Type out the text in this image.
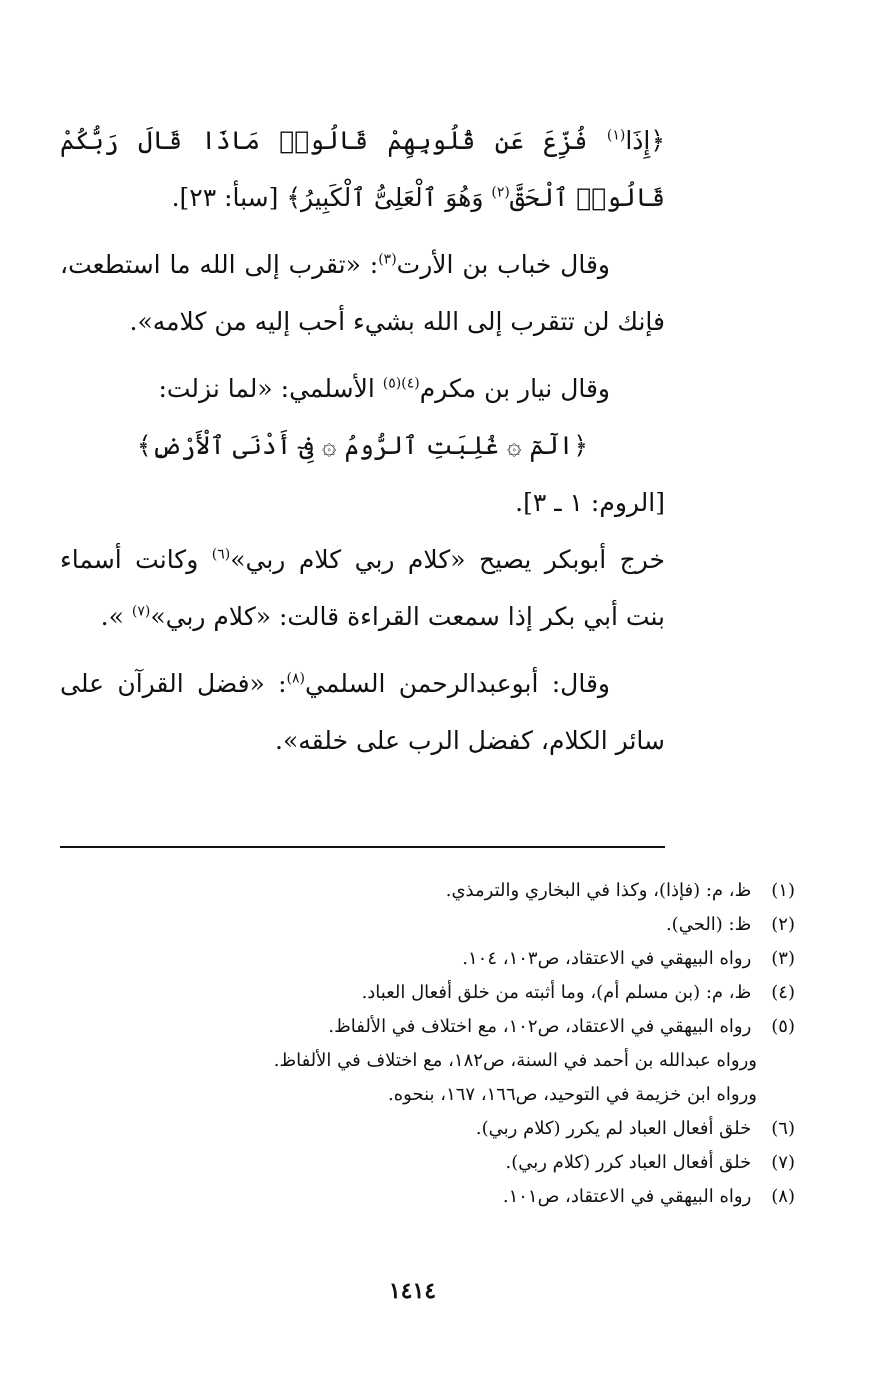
﴿إِذَا$^{(١)}$ فُزِّعَ عَن قُلُوبِهِمْ قَالُوا۟ مَاذَا قَالَ رَبُّكُمْ قَالُوا۟ ٱلْحَقَّ$^{(٢)}$ وَهُوَ ٱلْعَلِىُّ ٱلْكَبِيرُ﴾ [سبأ: ٢٣].

وقال خباب بن الأرت$^{(٣)}$: «تقرب إلى الله ما استطعت، فإنك لن تتقرب إلى الله بشيء أحب إليه من كلامه».

وقال نيار بن مكرم$^{(٤)(٥)}$ الأسلمي: «لما نزلت:

﴿الٓمٓ ۞ غُلِبَتِ ٱلرُّومُ ۞ فِىٓ أَدْنَى ٱلْأَرْضِ﴾

[الروم: ١ ـ ٣].

خرج أبوبكر يصيح «كلام ربي كلام ربي»$^{(٦)}$ وكانت أسماء بنت أبي بكر إذا سمعت القراءة قالت: «كلام ربي»$^{(٧)}$ ».

وقال: أبوعبدالرحمن السلمي$^{(٨)}$: «فضل القرآن على سائر الكلام، كفضل الرب على خلقه».

(١) ظ، م: (فإذا)، وكذا في البخاري والترمذي.

(٢) ظ: (الحي).

(٣) رواه البيهقي في الاعتقاد، ص١٠٣، ١٠٤.

(٤) ظ، م: (بن مسلم أم)، وما أثبته من خلق أفعال العباد.

(٥) رواه البيهقي في الاعتقاد، ص١٠٢، مع اختلاف في الألفاظ.

ورواه عبدالله بن أحمد في السنة، ص١٨٢، مع اختلاف في الألفاظ.

ورواه ابن خزيمة في التوحيد، ص١٦٦، ١٦٧، بنحوه.

(٦) خلق أفعال العباد لم يكرر (كلام ربي).

(٧) خلق أفعال العباد كرر (كلام ربي).

(٨) رواه البيهقي في الاعتقاد، ص١٠١.

١٤١٤
